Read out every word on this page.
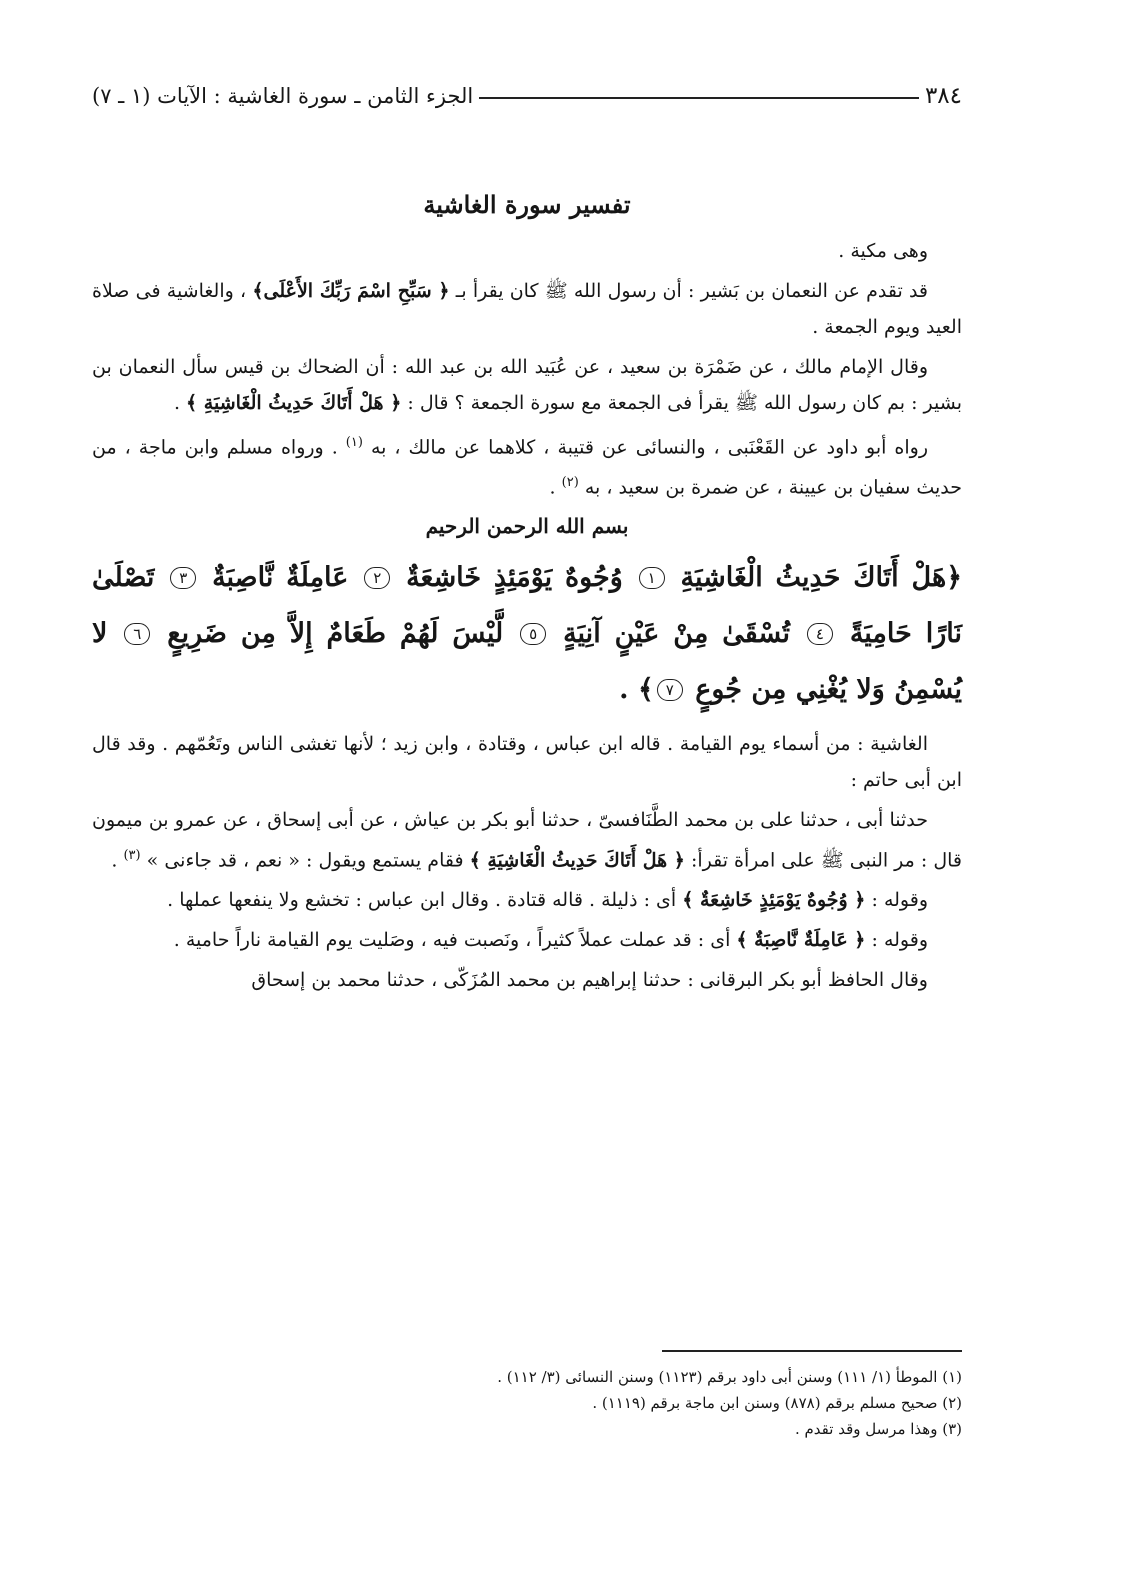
٣٨٤
الجزء الثامن ـ سورة الغاشية : الآيات (١ ـ ٧)
تفسير سورة الغاشية

وهى مكية .

قد تقدم عن النعمان بن بَشير : أن رسول الله ﷺ كان يقرأ بـ ﴿ سَبِّحِ اسْمَ رَبِّكَ الأَعْلَى﴾ ، والغاشية فى صلاة العيد ويوم الجمعة .

وقال الإمام مالك ، عن ضَمْرَة بن سعيد ، عن عُبَيد الله بن عبد الله : أن الضحاك بن قيس سأل النعمان بن بشير : بم كان رسول الله ﷺ يقرأ فى الجمعة مع سورة الجمعة ؟ قال : ﴿ هَلْ أَتَاكَ حَدِيثُ الْغَاشِيَةِ ﴾ .

رواه أبو داود عن القَعْنَبى ، والنسائى عن قتيبة ، كلاهما عن مالك ، به $^{(١)}$ . ورواه مسلم وابن ماجة ، من حديث سفيان بن عيينة ، عن ضمرة بن سعيد ، به $^{(٢)}$ .

بسم الله الرحمن الرحيم

﴿هَلْ أَتَاكَ حَدِيثُ الْغَاشِيَةِ ١ وُجُوهٌ يَوْمَئِذٍ خَاشِعَةٌ ٢ عَامِلَةٌ نَّاصِبَةٌ ٣ تَصْلَىٰ نَارًا حَامِيَةً ٤ تُسْقَىٰ مِنْ عَيْنٍ آنِيَةٍ ٥ لَّيْسَ لَهُمْ طَعَامٌ إِلاَّ مِن ضَرِيعٍ ٦ لا يُسْمِنُ وَلا يُغْنِي مِن جُوعٍ ٧﴾ .

الغاشية : من أسماء يوم القيامة . قاله ابن عباس ، وقتادة ، وابن زيد ؛ لأنها تغشى الناس وتَعُمّهم . وقد قال ابن أبى حاتم :

حدثنا أبى ، حدثنا على بن محمد الطَّنَافسىّ ، حدثنا أبو بكر بن عياش ، عن أبى إسحاق ، عن عمرو بن ميمون قال : مر النبى ﷺ على امرأة تقرأ: ﴿ هَلْ أَتَاكَ حَدِيثُ الْغَاشِيَةِ ﴾ فقام يستمع ويقول : « نعم ، قد جاءنى » $^{(٣)}$ .

وقوله : ﴿ وُجُوهٌ يَوْمَئِذٍ خَاشِعَةٌ ﴾ أى : ذليلة . قاله قتادة . وقال ابن عباس : تخشع ولا ينفعها عملها .

وقوله : ﴿ عَامِلَةٌ نَّاصِبَةٌ ﴾ أى : قد عملت عملاً كثيراً ، ونَصبت فيه ، وصَليت يوم القيامة ناراً حامية .

وقال الحافظ أبو بكر البرقانى : حدثنا إبراهيم بن محمد المُزَكّى ، حدثنا محمد بن إسحاق

(١) الموطأ (١/ ١١١) وسنن أبى داود برقم (١١٢٣) وسنن النسائى (٣/ ١١٢) .

(٢) صحيح مسلم برقم (٨٧٨) وسنن ابن ماجة برقم (١١١٩) .

(٣) وهذا مرسل وقد تقدم .
